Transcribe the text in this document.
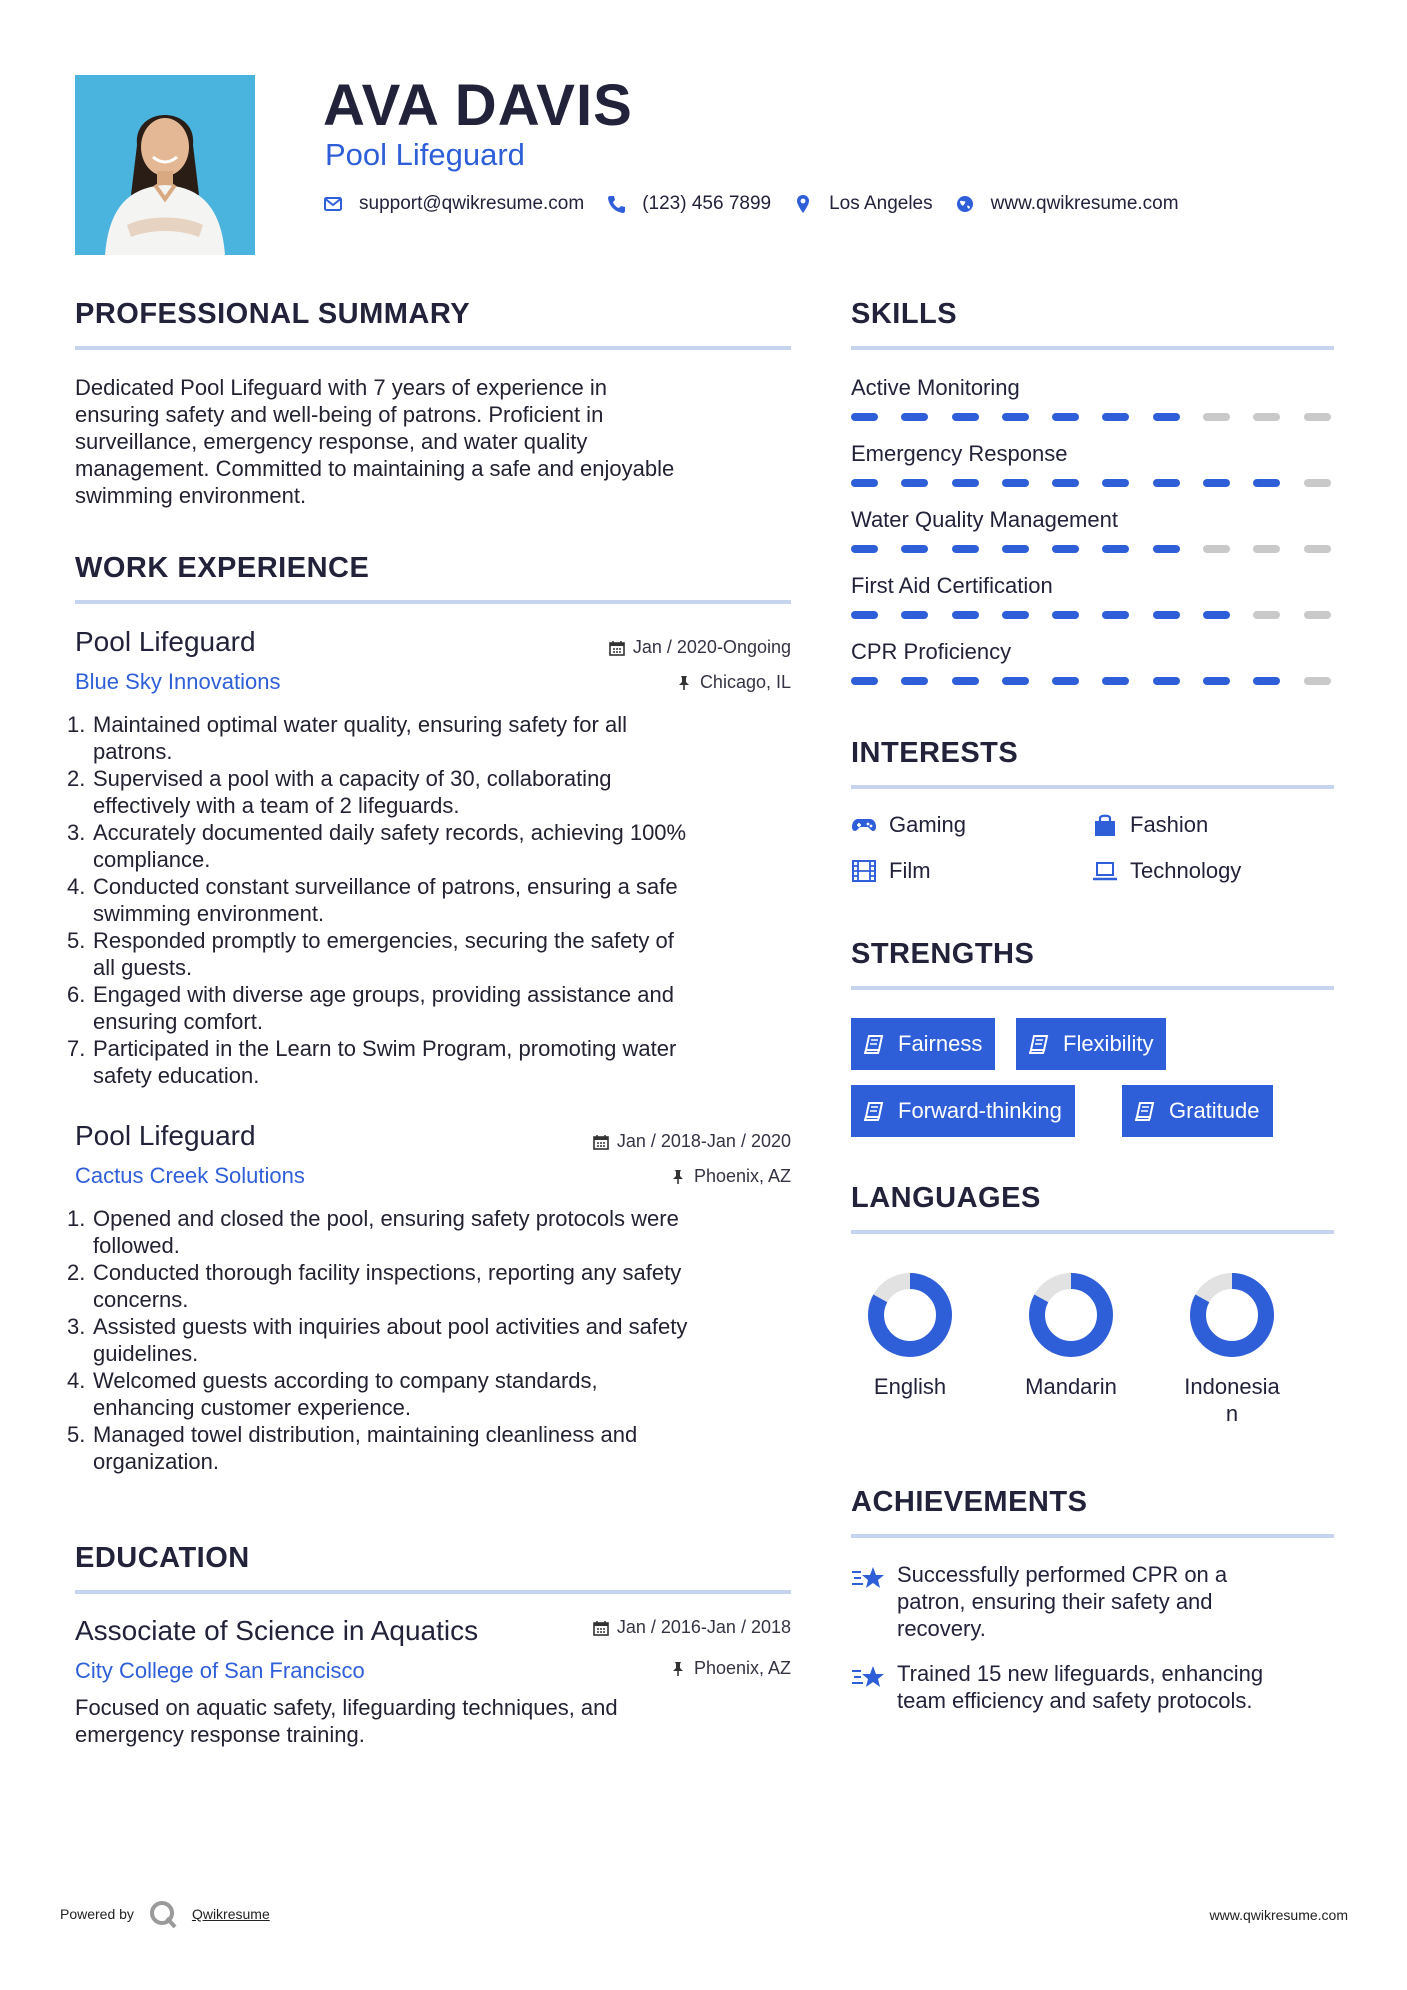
AVA DAVIS
Pool Lifeguard
support@qwikresume.com	(123) 456 7899	Los Angeles	www.qwikresume.com
PROFESSIONAL SUMMARY
Dedicated Pool Lifeguard with 7 years of experience in
ensuring safety and well-being of patrons. Proficient in
surveillance, emergency response, and water quality
management. Committed to maintaining a safe and enjoyable
swimming environment.
WORK EXPERIENCE
Pool Lifeguard
Blue Sky Innovations
Jan / 2020-Ongoing
Chicago, IL
1. Maintained optimal water quality, ensuring safety for all
patrons.
2. Supervised a pool with a capacity of 30, collaborating
effectively with a team of 2 lifeguards.
3. Accurately documented daily safety records, achieving 100%
compliance.
4. Conducted constant surveillance of patrons, ensuring a safe
swimming environment.
5. Responded promptly to emergencies, securing the safety of
all guests.
6. Engaged with diverse age groups, providing assistance and
ensuring comfort.
7. Participated in the Learn to Swim Program, promoting water
safety education.
Pool Lifeguard
Cactus Creek Solutions
Jan / 2018-Jan / 2020
Phoenix, AZ
1. Opened and closed the pool, ensuring safety protocols were
followed.
2. Conducted thorough facility inspections, reporting any safety
concerns.
3. Assisted guests with inquiries about pool activities and safety
guidelines.
4. Welcomed guests according to company standards,
enhancing customer experience.
5. Managed towel distribution, maintaining cleanliness and
organization.
EDUCATION
Associate of Science in Aquatics
City College of San Francisco
Jan / 2016-Jan / 2018
Phoenix, AZ
Focused on aquatic safety, lifeguarding techniques, and
emergency response training.
SKILLS
Active Monitoring
Emergency Response
Water Quality Management
First Aid Certification
CPR Proficiency
INTERESTS
Gaming	Fashion
Film	Technology
STRENGTHS
Fairness	Flexibility
Forward-thinking	Gratitude
LANGUAGES
English	Mandarin	Indonesia
n
ACHIEVEMENTS
Successfully performed CPR on a
patron, ensuring their safety and
recovery.
Trained 15 new lifeguards, enhancing
team efficiency and safety protocols.
Powered by	Qwikresume	www.qwikresume.com
